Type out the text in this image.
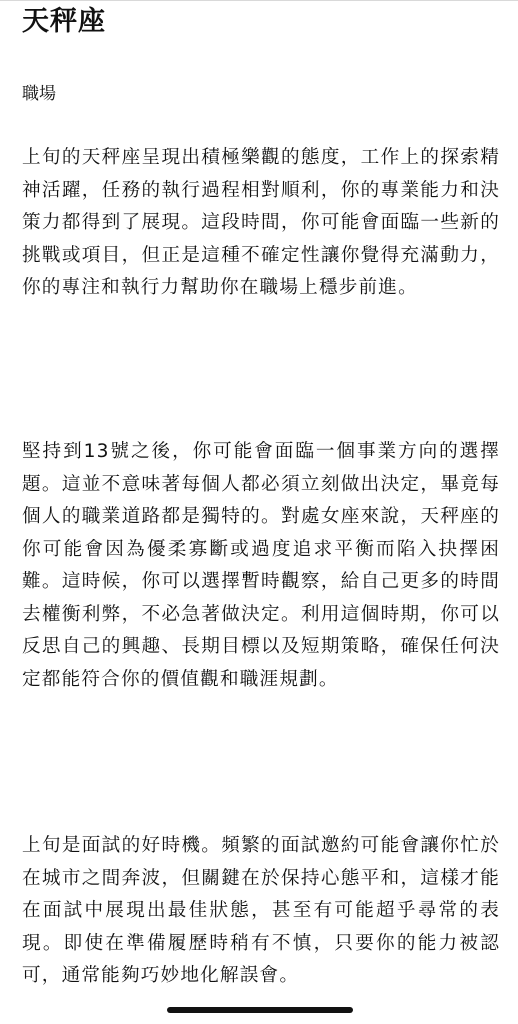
天秤座
職場

上旬的天秤座呈現出積極樂觀的態度，工作上的探索精神活躍，任務的執行過程相對順利，你的專業能力和決策力都得到了展現。這段時間，你可能會面臨一些新的挑戰或項目，但正是這種不確定性讓你覺得充滿動力，你的專注和執行力幫助你在職場上穩步前進。

堅持到13號之後，你可能會面臨一個事業方向的選擇題。這並不意味著每個人都必須立刻做出決定，畢竟每個人的職業道路都是獨特的。對處女座來說，天秤座的你可能會因為優柔寡斷或過度追求平衡而陷入抉擇困難。這時候，你可以選擇暫時觀察，給自己更多的時間去權衡利弊，不必急著做決定。利用這個時期，你可以反思自己的興趣、長期目標以及短期策略，確保任何決定都能符合你的價值觀和職涯規劃。

上旬是面試的好時機。頻繁的面試邀約可能會讓你忙於在城市之間奔波，但關鍵在於保持心態平和，這樣才能在面試中展現出最佳狀態，甚至有可能超乎尋常的表現。即使在準備履歷時稍有不慎，只要你的能力被認可，通常能夠巧妙地化解誤會。
